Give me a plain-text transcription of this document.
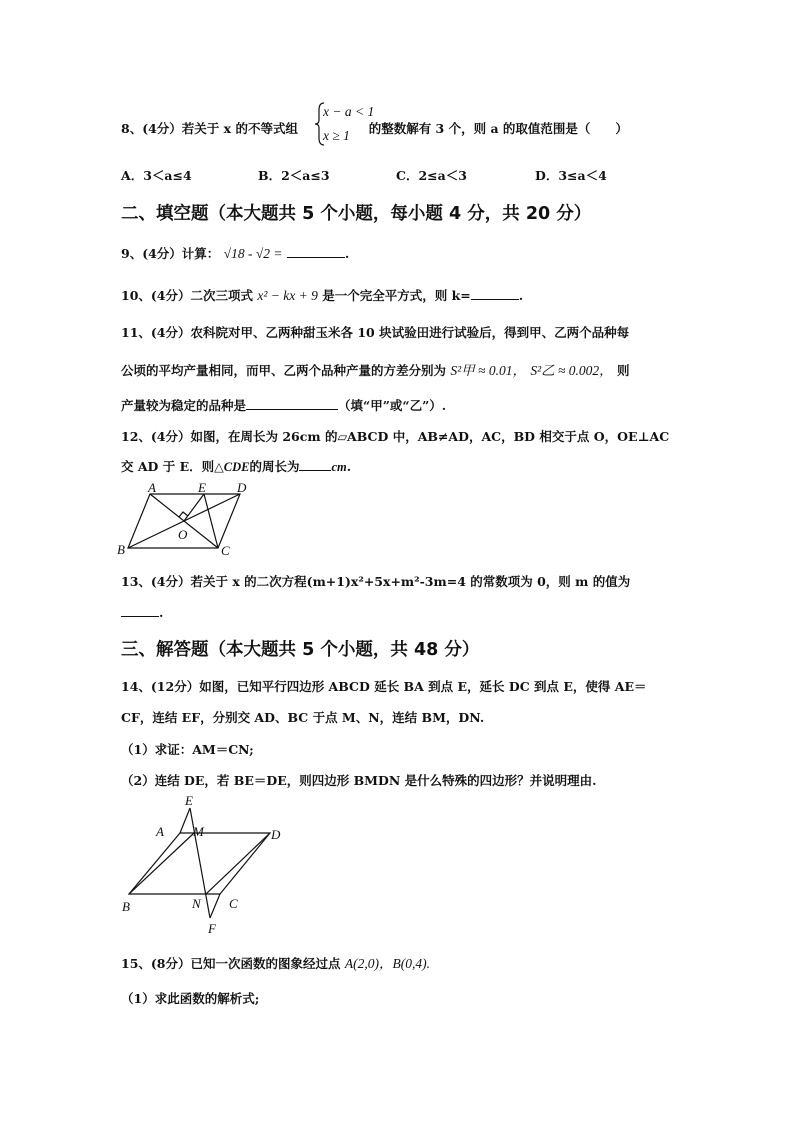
8、(4分）若关于 x 的不等式组	的整数解有 3 个，则 a 的取值范围是（　　）
x − a < 1
x ≥ 1
A．3＜a≤4	B．2＜a≤3	C．2≤a＜3	D．3≤a＜4
二、填空题（本大题共 5 个小题，每小题 4 分，共 20 分）
9、(4分）计算： √18 - √2 =	.
10、(4分）二次三项式 x² − kx + 9 是一个完全平方式，则 k=	.
11、(4分）农科院对甲、乙两种甜玉米各 10 块试验田进行试验后，得到甲、乙两个品种每
公顷的平均产量相同，而甲、乙两个品种产量的方差分别为 S²甲 ≈ 0.01， S²乙 ≈ 0.002， 则
产量较为稳定的品种是	（填“甲”或“乙”）.
12、(4分）如图，在周长为 26cm 的▱ABCD 中，AB≠AD，AC，BD 相交于点 O，OE⊥AC
交 AD 于 E．则△CDE的周长为	cm.
A	E D
O
B	C
13、(4分）若关于 x 的二次方程(m+1)x²+5x+m²-3m=4 的常数项为 0，则 m 的值为
.
三、解答题（本大题共 5 个小题，共 48 分）
14、(12分）如图，已知平行四边形 ABCD 延长 BA 到点 E，延长 DC 到点 E，使得 AE＝
CF，连结 EF，分别交 AD、BC 于点 M、N，连结 BM，DN.
（1）求证：AM＝CN;
（2）连结 DE，若 BE＝DE，则四边形 BMDN 是什么特殊的四边形？并说明理由.
E
A M	D
B	N C
F
15、(8分）已知一次函数的图象经过点 A(2,0)，B(0,4).
（1）求此函数的解析式;
